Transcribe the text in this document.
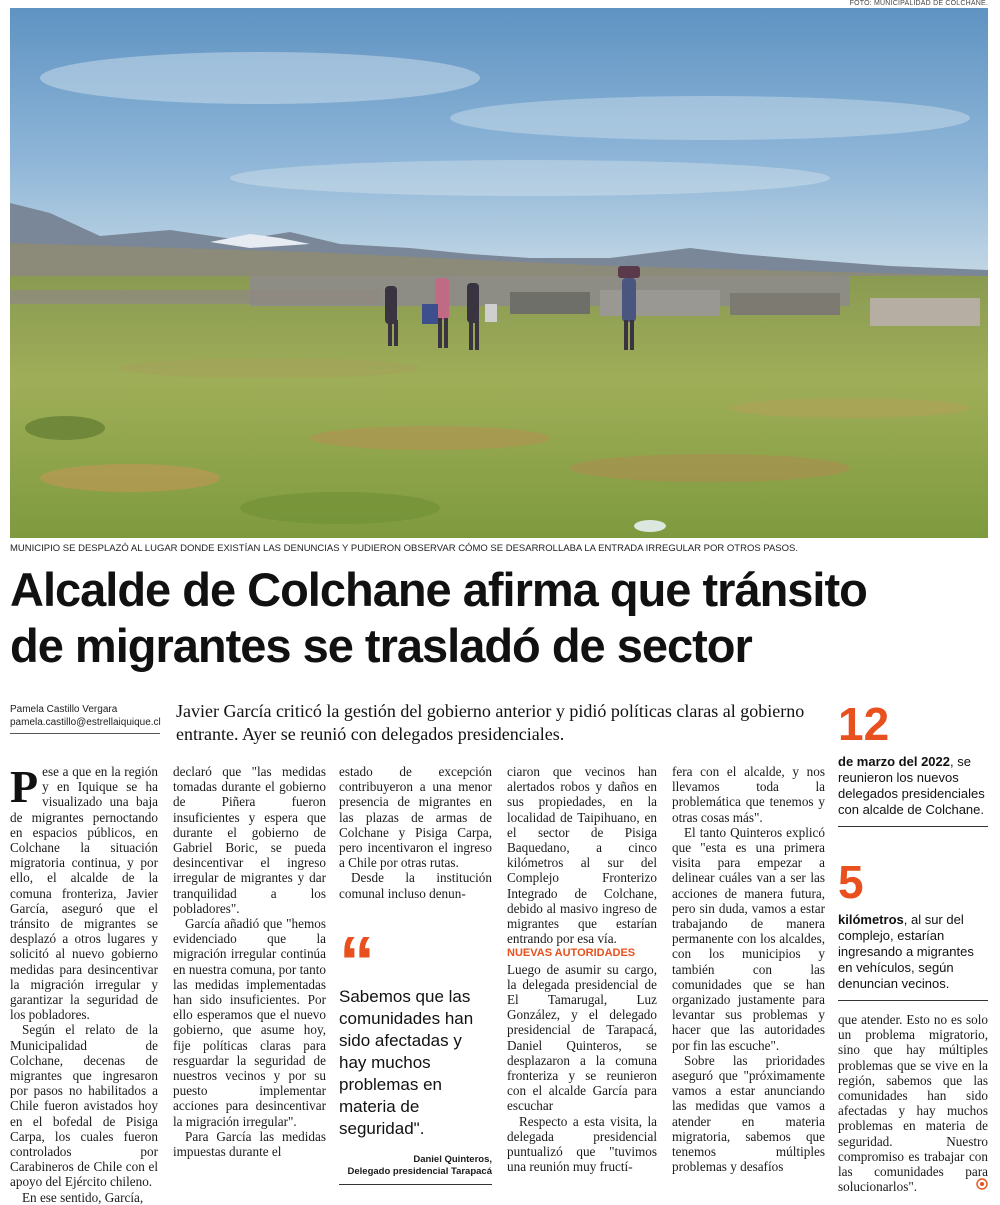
FOTO: MUNICIPALIDAD DE COLCHANE.
MUNICIPIO SE DESPLAZÓ AL LUGAR DONDE EXISTÍAN LAS DENUNCIAS Y PUDIERON OBSERVAR CÓMO SE DESARROLLABA LA ENTRADA IRREGULAR POR OTROS PASOS.
Alcalde de Colchane afirma que tránsito
de migrantes se trasladó de sector
Pamela Castillo Vergara
pamela.castillo@estrellaiquique.cl
Javier García criticó la gestión del gobierno anterior y pidió políticas claras al gobierno entrante. Ayer se reunió con delegados presidenciales.

Pese a que en la región y en Iquique se ha visualizado una baja de migrantes pernoctando en espacios públicos, en Colchane la situación migratoria continua, y por ello, el alcalde de la comuna fronteriza, Javier García, aseguró que el tránsito de migrantes se desplazó a otros lugares y solicitó al nuevo gobierno medidas para desincentivar la migración irregular y garantizar la seguridad de los pobladores.

Según el relato de la Municipalidad de Colchane, decenas de migrantes que ingresaron por pasos no habilitados a Chile fueron avistados hoy en el bofedal de Pisiga Carpa, los cuales fueron controlados por Carabineros de Chile con el apoyo del Ejército chileno.

En ese sentido, García,

declaró que "las medidas tomadas durante el gobierno de Piñera fueron insuficientes y espera que durante el gobierno de Gabriel Boric, se pueda desincentivar el ingreso irregular de migrantes y dar tranquilidad a los pobladores".

García añadió que "hemos evidenciado que la migración irregular continúa en nuestra comuna, por tanto las medidas implementadas han sido insuficientes. Por ello esperamos que el nuevo gobierno, que asume hoy, fije políticas claras para resguardar la seguridad de nuestros vecinos y por su puesto implementar acciones para desincentivar la migración irregular".

Para García las medidas impuestas durante el

estado de excepción contribuyeron a una menor presencia de migrantes en las plazas de armas de Colchane y Pisiga Carpa, pero incentivaron el ingreso a Chile por otras rutas.

Desde la institución comunal incluso denun-

“
Sabemos que las comunidades han sido afectadas y hay muchos problemas en materia de seguridad".
Daniel Quinteros,
Delegado presidencial Tarapacá

ciaron que vecinos han alertados robos y daños en sus propiedades, en la localidad de Taipihuano, en el sector de Pisiga Baquedano, a cinco kilómetros al sur del Complejo Fronterizo Integrado de Colchane, debido al masivo ingreso de migrantes que estarían entrando por esa vía.

NUEVAS AUTORIDADES

Luego de asumir su cargo, la delegada presidencial de El Tamarugal, Luz González, y el delegado presidencial de Tarapacá, Daniel Quinteros, se desplazaron a la comuna fronteriza y se reunieron con el alcalde García para escuchar

Respecto a esta visita, la delegada presidencial puntualizó que "tuvimos una reunión muy fructí-

fera con el alcalde, y nos llevamos toda la problemática que tenemos y otras cosas más".

El tanto Quinteros explicó que "esta es una primera visita para empezar a delinear cuáles van a ser las acciones de manera futura, pero sin duda, vamos a estar trabajando de manera permanente con los alcaldes, con los municipios y también con las comunidades que se han organizado justamente para levantar sus problemas y hacer que las autoridades por fin las escuche".

Sobre las prioridades aseguró que "próximamente vamos a estar anunciando las medidas que vamos a atender en materia migratoria, sabemos que tenemos múltiples problemas y desafíos

12
de marzo del 2022, se reunieron los nuevos delegados presidenciales con alcalde de Colchane.
5
kilómetros, al sur del complejo, estarían ingresando a migrantes en vehículos, según denuncian vecinos.

que atender. Esto no es solo un problema migratorio, sino que hay múltiples problemas que se vive en la región, sabemos que las comunidades han sido afectadas y hay muchos problemas en materia de seguridad. Nuestro compromiso es trabajar con las comunidades para solucionarlos".
